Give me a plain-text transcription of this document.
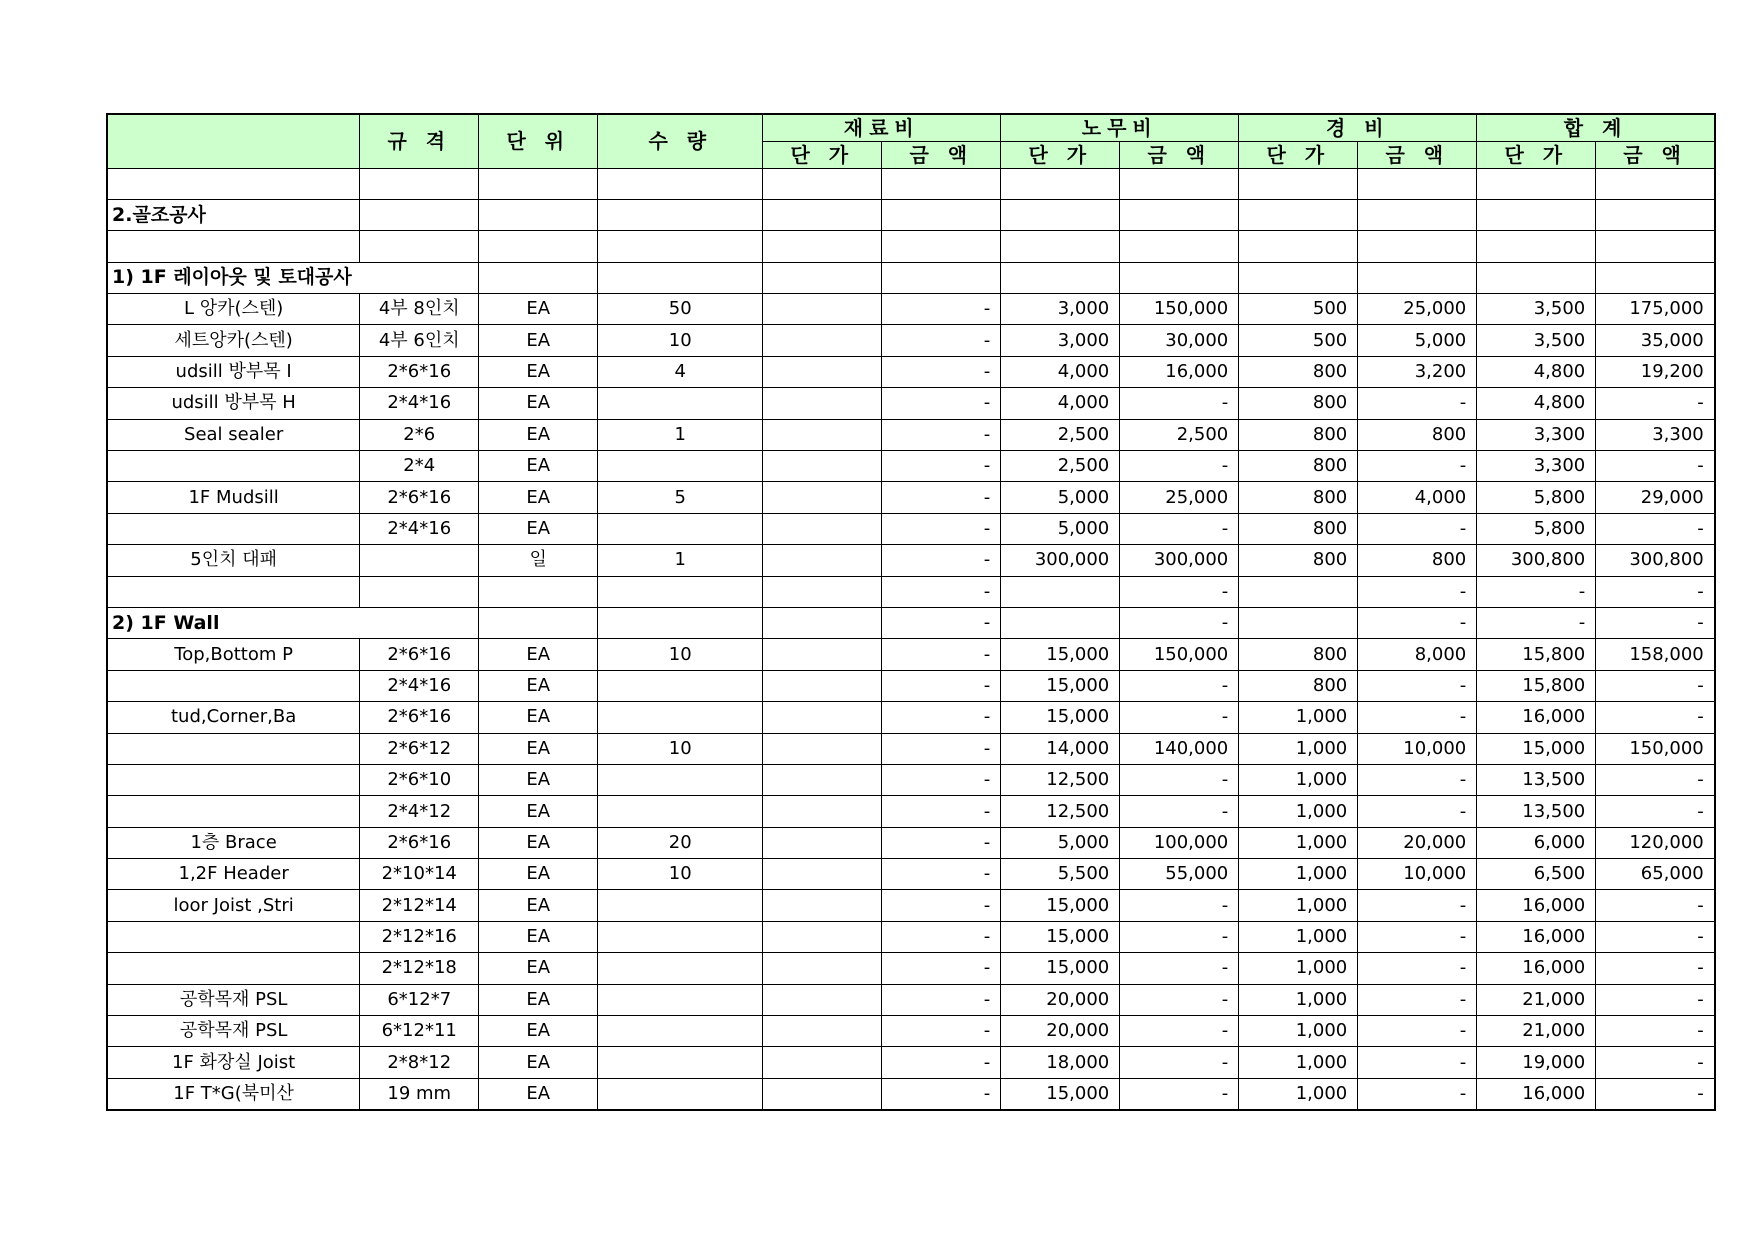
	규 격	단 위	수 량	재료비		노무비		경 비		합 계	
				단 가	금 액	단 가	금 액	단 가	금 액	단 가	금 액

2.골조공사											

1) 1F 레이아웃 및 토대공사											
L 앙카(스텐)	4부 8인치	EA	50		-	3,000	150,000	500	25,000	3,500	175,000
세트앙카(스텐)	4부 6인치	EA	10		-	3,000	30,000	500	5,000	3,500	35,000
udsill 방부목 I	2*6*16	EA	4		-	4,000	16,000	800	3,200	4,800	19,200
udsill 방부목 H	2*4*16	EA			-	4,000	-	800	-	4,800	-
Seal sealer	2*6	EA	1		-	2,500	2,500	800	800	3,300	3,300
	2*4	EA			-	2,500	-	800	-	3,300	-
1F Mudsill	2*6*16	EA	5		-	5,000	25,000	800	4,000	5,800	29,000
	2*4*16	EA			-	5,000	-	800	-	5,800	-
5인치 대패		일	1		-	300,000	300,000	800	800	300,800	300,800
					-		-		-	-	-
2) 1F Wall					-		-		-	-	-
Top,Bottom P	2*6*16	EA	10		-	15,000	150,000	800	8,000	15,800	158,000
	2*4*16	EA			-	15,000	-	800	-	15,800	-
tud,Corner,Ba	2*6*16	EA			-	15,000	-	1,000	-	16,000	-
	2*6*12	EA	10		-	14,000	140,000	1,000	10,000	15,000	150,000
	2*6*10	EA			-	12,500	-	1,000	-	13,500	-
	2*4*12	EA			-	12,500	-	1,000	-	13,500	-
1층 Brace	2*6*16	EA	20		-	5,000	100,000	1,000	20,000	6,000	120,000
1,2F Header	2*10*14	EA	10		-	5,500	55,000	1,000	10,000	6,500	65,000
loor Joist ,Stri	2*12*14	EA			-	15,000	-	1,000	-	16,000	-
	2*12*16	EA			-	15,000	-	1,000	-	16,000	-
	2*12*18	EA			-	15,000	-	1,000	-	16,000	-
공학목재 PSL	6*12*7	EA			-	20,000	-	1,000	-	21,000	-
공학목재 PSL	6*12*11	EA			-	20,000	-	1,000	-	21,000	-
1F 화장실 Joist	2*8*12	EA			-	18,000	-	1,000	-	19,000	-
1F T*G(북미산	19 mm	EA			-	15,000	-	1,000	-	16,000	-
